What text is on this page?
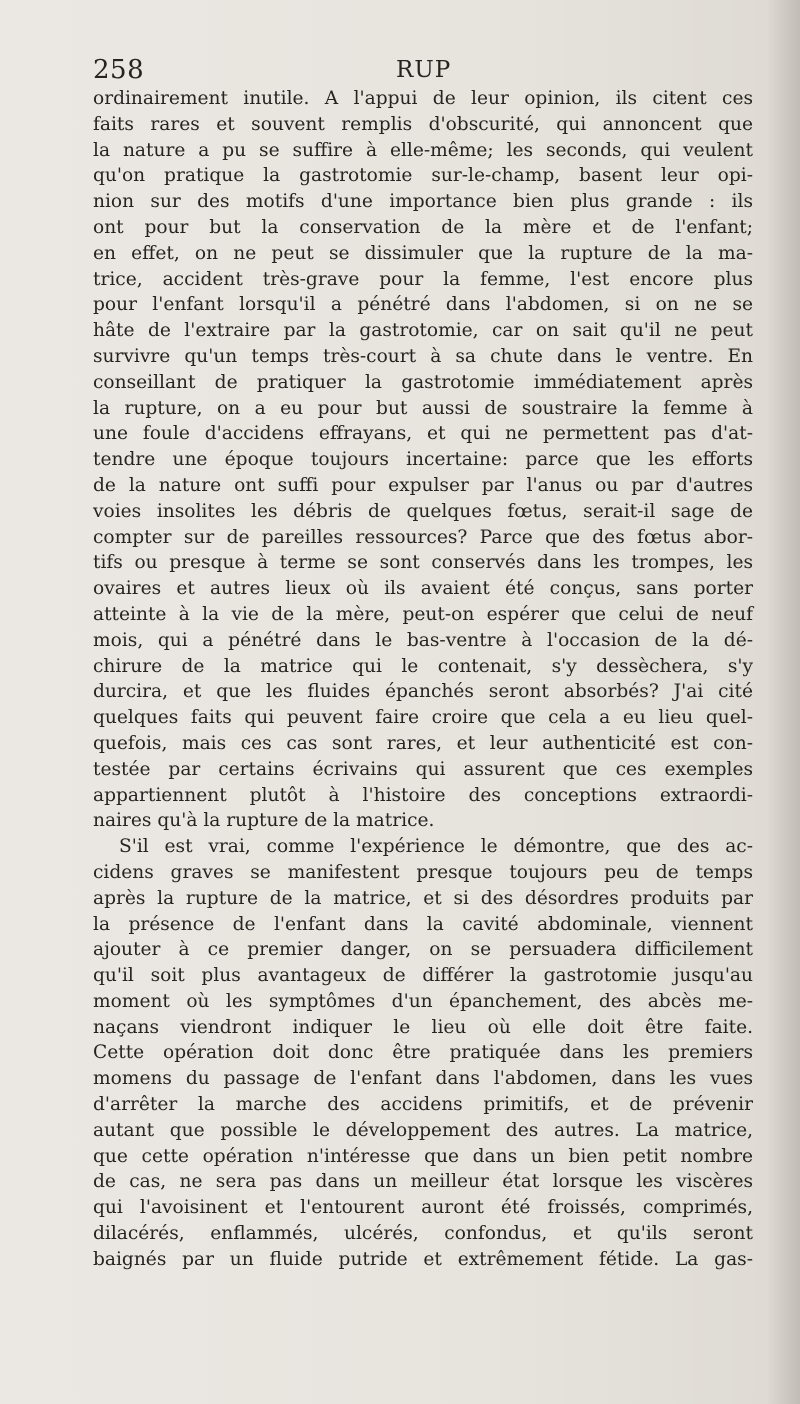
258	RUP
ordinairement inutile. A l'appui de leur opinion, ils citent ces
faits rares et souvent remplis d'obscurité, qui annoncent que
la nature a pu se suffire à elle-même; les seconds, qui veulent
qu'on pratique la gastrotomie sur-le-champ, basent leur opi-
nion sur des motifs d'une importance bien plus grande : ils
ont pour but la conservation de la mère et de l'enfant;
en effet, on ne peut se dissimuler que la rupture de la ma-
trice, accident très-grave pour la femme, l'est encore plus
pour l'enfant lorsqu'il a pénétré dans l'abdomen, si on ne se
hâte de l'extraire par la gastrotomie, car on sait qu'il ne peut
survivre qu'un temps très-court à sa chute dans le ventre. En
conseillant de pratiquer la gastrotomie immédiatement après
la rupture, on a eu pour but aussi de soustraire la femme à
une foule d'accidens effrayans, et qui ne permettent pas d'at-
tendre une époque toujours incertaine: parce que les efforts
de la nature ont suffi pour expulser par l'anus ou par d'autres
voies insolites les débris de quelques fœtus, serait-il sage de
compter sur de pareilles ressources? Parce que des fœtus abor-
tifs ou presque à terme se sont conservés dans les trompes, les
ovaires et autres lieux où ils avaient été conçus, sans porter
atteinte à la vie de la mère, peut-on espérer que celui de neuf
mois, qui a pénétré dans le bas-ventre à l'occasion de la dé-
chirure de la matrice qui le contenait, s'y dessèchera, s'y
durcira, et que les fluides épanchés seront absorbés? J'ai cité
quelques faits qui peuvent faire croire que cela a eu lieu quel-
quefois, mais ces cas sont rares, et leur authenticité est con-
testée par certains écrivains qui assurent que ces exemples
appartiennent plutôt à l'histoire des conceptions extraordi-
naires qu'à la rupture de la matrice.
S'il est vrai, comme l'expérience le démontre, que des ac-
cidens graves se manifestent presque toujours peu de temps
après la rupture de la matrice, et si des désordres produits par
la présence de l'enfant dans la cavité abdominale, viennent
ajouter à ce premier danger, on se persuadera difficilement
qu'il soit plus avantageux de différer la gastrotomie jusqu'au
moment où les symptômes d'un épanchement, des abcès me-
naçans viendront indiquer le lieu où elle doit être faite.
Cette opération doit donc être pratiquée dans les premiers
momens du passage de l'enfant dans l'abdomen, dans les vues
d'arrêter la marche des accidens primitifs, et de prévenir
autant que possible le développement des autres. La matrice,
que cette opération n'intéresse que dans un bien petit nombre
de cas, ne sera pas dans un meilleur état lorsque les viscères
qui l'avoisinent et l'entourent auront été froissés, comprimés,
dilacérés, enflammés, ulcérés, confondus, et qu'ils seront
baignés par un fluide putride et extrêmement fétide. La gas-
